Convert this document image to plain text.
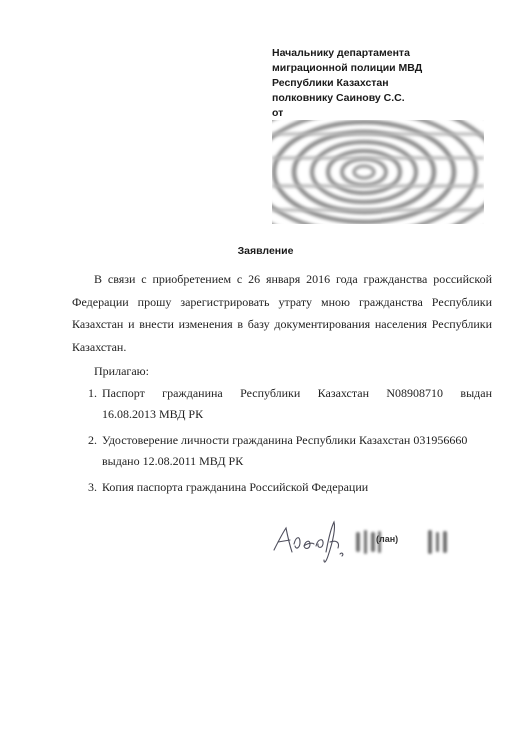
Начальнику департамента
миграционной полиции МВД
Республики Казахстан
полковнику Саинову С.С.
от
Заявление

В связи с приобретением с 26 января 2016 года гражданства российской Федерации прошу зарегистрировать утрату мною гражданства Республики Казахстан и внести изменения в базу документирования населения Республики Казахстан.

Прилагаю:

1. Паспорт гражданина Республики Казахстан N08908710 выдан
16.08.2013 МВД РК
2. Удостоверение личности гражданина Республики Казахстан 031956660
выдано 12.08.2011 МВД РК
3. Копия паспорта гражданина Российской Федерации
(лан)
